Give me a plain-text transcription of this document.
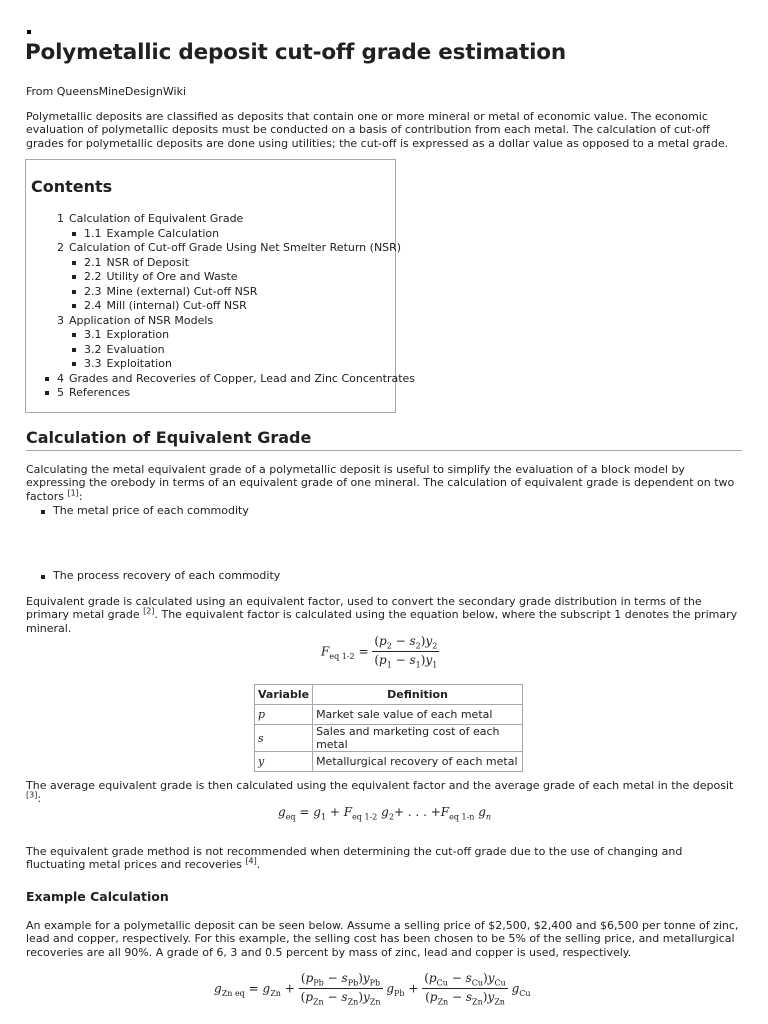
Polymetallic deposit cut-off grade estimation

From QueensMineDesignWiki

Polymetallic deposits are classified as deposits that contain one or more mineral or metal of economic value. The economic evaluation of polymetallic deposits must be conducted on a basis of contribution from each metal. The calculation of cut-off grades for polymetallic deposits are done using utilities; the cut-off is expressed as a dollar value as opposed to a metal grade.

Contents
1 Calculation of Equivalent Grade
1.1 Example Calculation
2 Calculation of Cut-off Grade Using Net Smelter Return (NSR)
2.1 NSR of Deposit
2.2 Utility of Ore and Waste
2.3 Mine (external) Cut-off NSR
2.4 Mill (internal) Cut-off NSR
3 Application of NSR Models
3.1 Exploration
3.2 Evaluation
3.3 Exploitation
4 Grades and Recoveries of Copper, Lead and Zinc Concentrates
5 References
Calculation of Equivalent Grade

Calculating the metal equivalent grade of a polymetallic deposit is useful to simplify the evaluation of a block model by expressing the orebody in terms of an equivalent grade of one mineral. The calculation of equivalent grade is dependent on two factors [1]:

The metal price of each commodity
The process recovery of each commodity

Equivalent grade is calculated using an equivalent factor, used to convert the secondary grade distribution in terms of the primary metal grade [2]. The equivalent factor is calculated using the equation below, where the subscript 1 denotes the primary mineral.

$F_{eq 1-2} = \frac{(p_2 - s_2)y_2}{(p_1 - s_1)y_1}$
Variable	Definition
p	Market sale value of each metal
s	Sales and marketing cost of each metal
y	Metallurgical recovery of each metal

The average equivalent grade is then calculated using the equivalent factor and the average grade of each metal in the deposit [3]:

$g_{eq} = g_1 + F_{eq 1-2}$ $g_2+$ . . . $+F_{eq 1-n}$ $g_n$

The equivalent grade method is not recommended when determining the cut-off grade due to the use of changing and fluctuating metal prices and recoveries [4].

Example Calculation

An example for a polymetallic deposit can be seen below. Assume a selling price of $2,500, $2,400 and $6,500 per tonne of zinc, lead and copper, respectively. For this example, the selling cost has been chosen to be 5% of the selling price, and metallurgical recoveries are all 90%. A grade of 6, 3 and 0.5 percent by mass of zinc, lead and copper is used, respectively.

$g_{Zn eq} = g_{Zn} + \frac{(p_{Pb} - s_{Pb})y_{Pb}}{(p_{Zn} - s_{Zn})y_{Zn}} g_{Pb} + \frac{(p_{Cu} - s_{Cu})y_{Cu}}{(p_{Zn} - s_{Zn})y_{Zn}} g_{Cu}$
